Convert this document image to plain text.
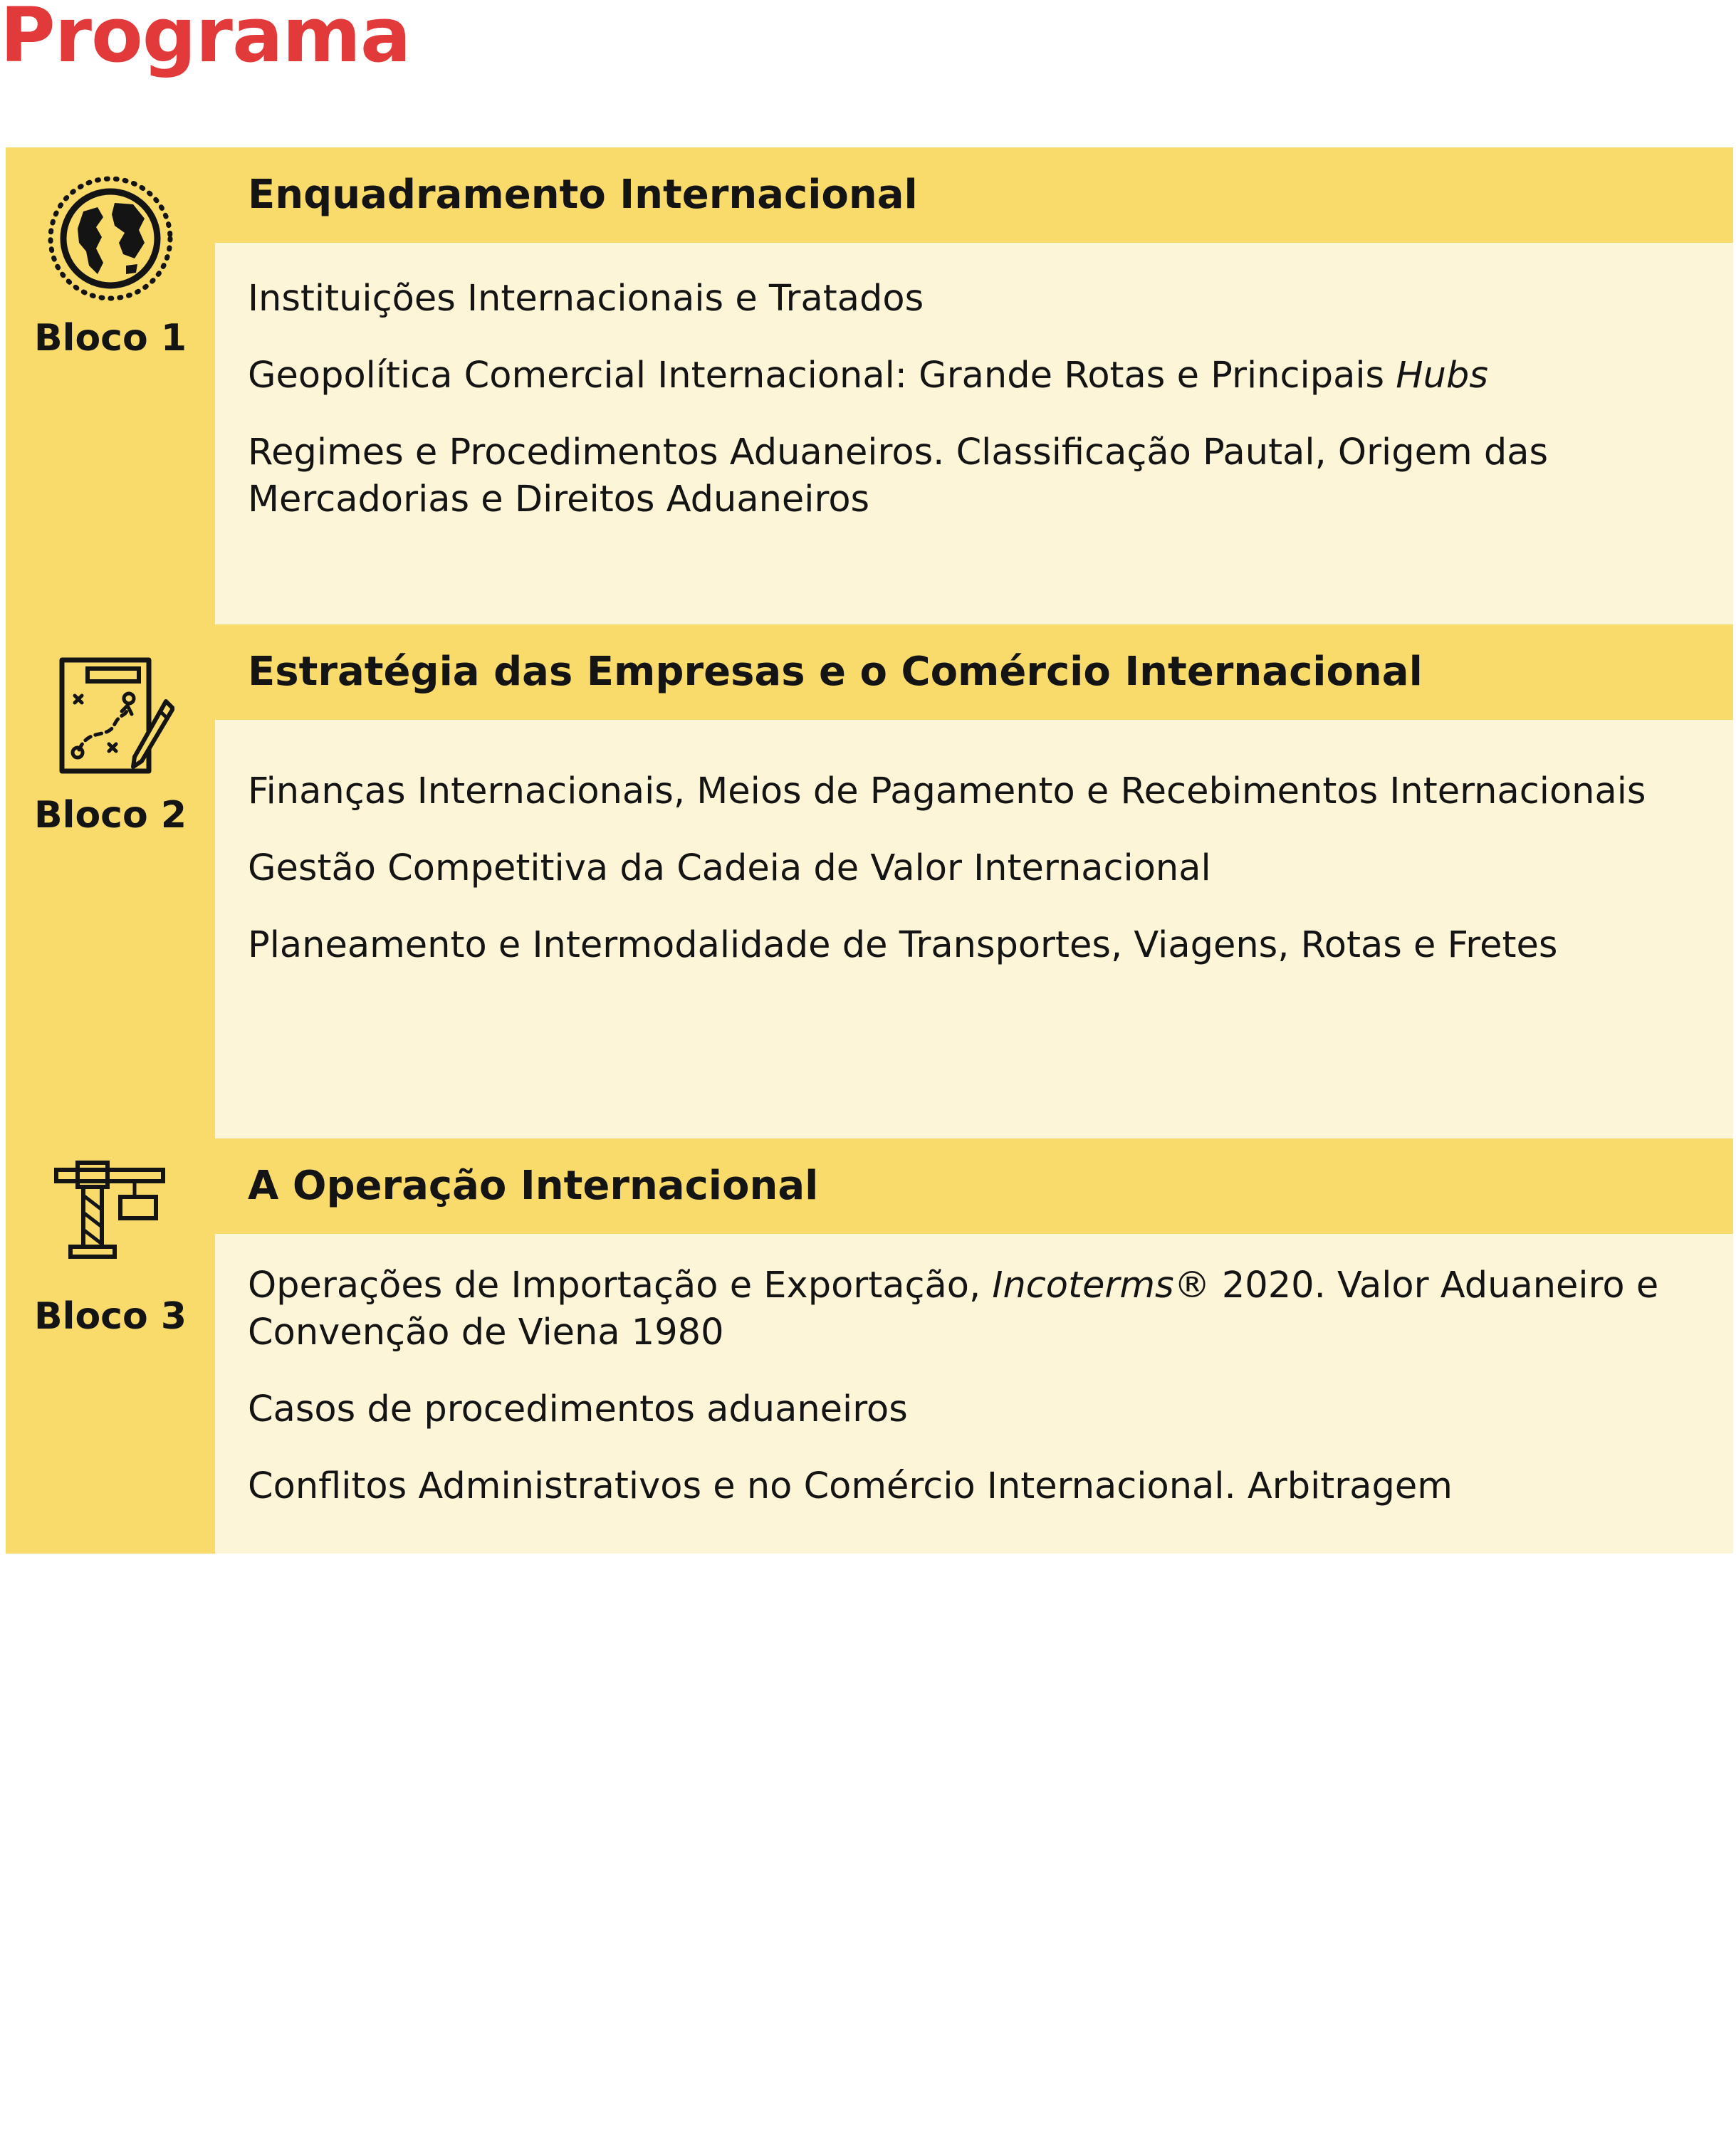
Programa
Bloco 1
Enquadramento Internacional
Instituições Internacionais e Tratados
Geopolítica Comercial Internacional: Grande Rotas e Principais Hubs
Regimes e Procedimentos Aduaneiros. Classificação Pautal, Origem das Mercadorias e Direitos Aduaneiros
Bloco 2
Estratégia das Empresas e o Comércio Internacional
Finanças Internacionais, Meios de Pagamento e Recebimentos Internacionais
Gestão Competitiva da Cadeia de Valor Internacional
Planeamento e Intermodalidade de Transportes, Viagens, Rotas e Fretes
Bloco 3
A Operação Internacional
Operações de Importação e Exportação, Incoterms® 2020. Valor Aduaneiro e Convenção de Viena 1980
Casos de procedimentos aduaneiros
Conflitos Administrativos e no Comércio Internacional. Arbitragem
